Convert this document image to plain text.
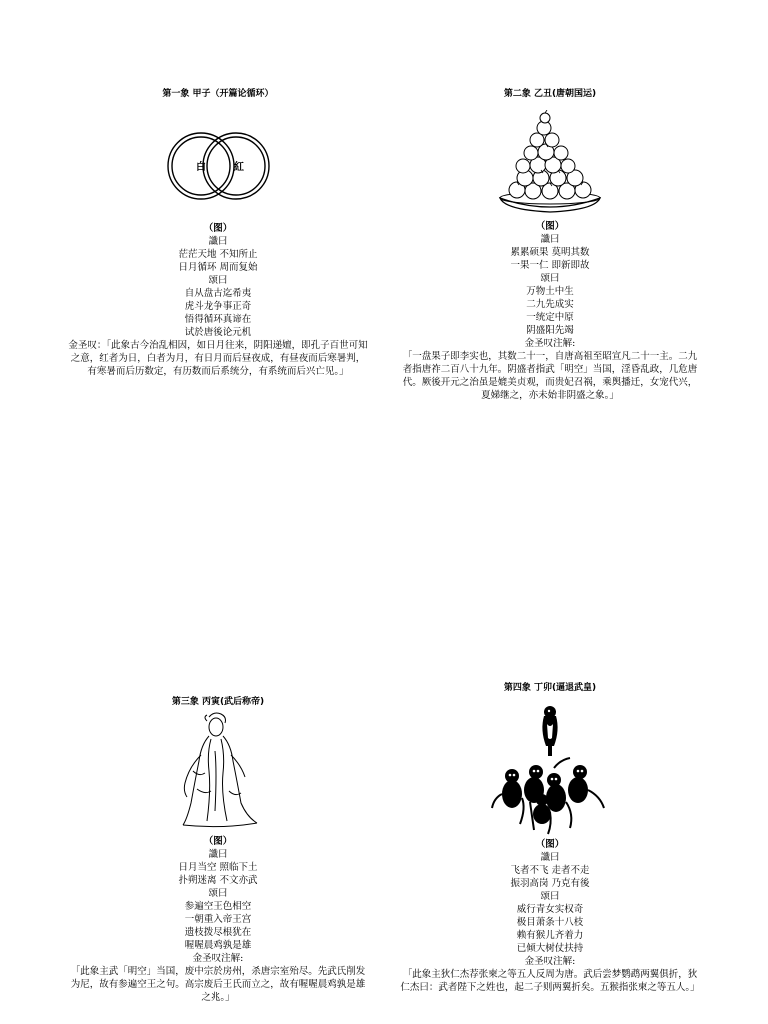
第一象 甲子（开篇论循环）
白	紅
（图）
讖曰
茫茫天地 不知所止
日月循环 周而复始
颂曰
自从盘古迄希夷
虎斗龙争事正奇
悟得循环真谛在
试於唐後论元机
金圣叹：「此象古今治乱相因，如日月往来，阴阳递嬗，即孔子百世可知之意，红者为日，白者为月，有日月而后昼夜成，有昼夜而后寒暑判，有寒暑而后历数定，有历数而后系统分，有系统而后兴亡见。」
第二象 乙丑(唐朝国运)
（图）
讖曰
累累硕果 莫明其数
一果一仁 即新即故
颂曰
万物土中生
二九先成实
一统定中原
阴盛阳先竭
金圣叹注解:
「一盘果子即李实也，其数二十一，自唐高祖至昭宣凡二十一主。二九者指唐祚二百八十九年。阴盛者指武「明空」当国，淫昏乱政，几危唐代。厥後开元之治虽是媲美贞观，而贵妃召祸，乘舆播迁，女宠代兴，夏娣继之，亦未始非阴盛之象。」
第三象 丙寅(武后称帝)
（图）
讖曰
日月当空 照临下土
扑朔迷离 不文亦武
颂曰
参遍空王色相空
一朝重入帝王宫
遗枝拨尽根犹在
喔喔晨鸡孰是雄
金圣叹注解:
「此象主武「明空」当国，废中宗於房州，杀唐宗室殆尽。先武氏削发为尼，故有参遍空王之句。高宗废后王氏而立之，故有喔喔晨鸡孰是雄之兆。」
第四象 丁卯(逼退武皇)
（图）
讖曰
飞者不飞 走者不走
振羽高岗 乃克有後
颂曰
威行青女实权奇
极目萧条十八枝
赖有猴儿齐着力
已倾大树仗扶持
金圣叹注解:
「此象主狄仁杰荐张柬之等五人反周为唐。武后尝梦鹦鹉两翼俱折，狄仁杰曰：武者陛下之姓也，起二子则两翼折矣。五猴指张柬之等五人。」
